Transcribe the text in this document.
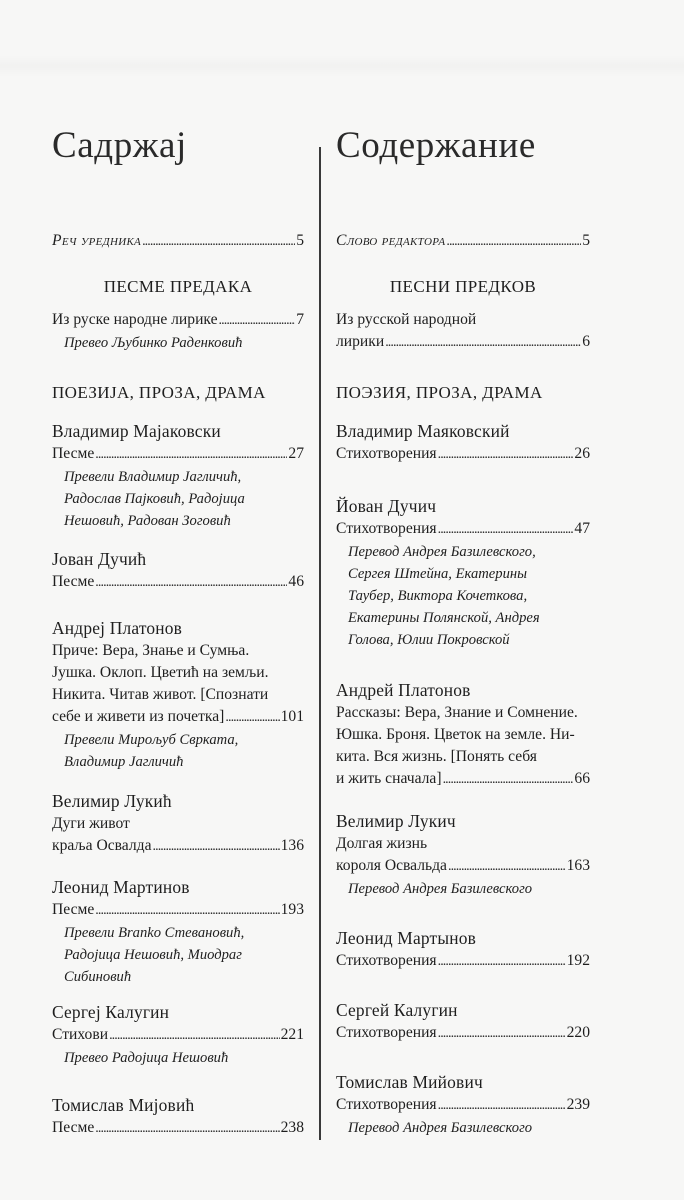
Садржај
Реч уредника . . .	5
ПЕСМЕ ПРЕДАКА
Из руске народне лирике . . .	7
Превео Љубинко Раденковић
ПОЕЗИЈА, ПРОЗА, ДРАМА
Владимир Мајаковски
Песме . . .	27
Превели Владимир Јагличић,
Радослав Пајковић, Радојица
Нешовић, Радован Зоговић
Јован Дучић
Песме . . .	46
Андреј Платонов
Приче: Вера, Знање и Сумња.
Јушка. Оклоп. Цветић на земљи.
Никита. Читав живот. [Спознати
себе и живети из почетка] . . .	101
Превели Мирољуб Сврката,
Владимир Јагличић
Велимир Лукић
Дуги живот
краља Освалда . . .	136
Леонид Мартинов
Песме . . .	193
Превели Branko Стевановић,
Радојица Нешовић, Миодраг
Сибиновић
Сергеј Калугин
Стихови . . .	221
Превео Радојица Нешовић
Томислав Мијовић
Песме . . .	238
Содержание
Слово редактора . . .	5
ПЕСНИ ПРЕДКОВ
Из русской народной
лирики . . .	6
ПОЭЗИЯ, ПРОЗА, ДРАМА
Владимир Маяковский
Стихотворения . . .	26
Йован Дучич
Стихотворения . . .	47
Перевод Андрея Базилевского,
Сергея Штейна, Екатерины
Таубер, Виктора Кочеткова,
Екатерины Полянской, Андрея
Голова, Юлии Покровской
Андрей Платонов
Рассказы: Вера, Знание и Сомнение.
Юшка. Броня. Цветок на земле. Ни-
кита. Вся жизнь. [Понять себя
и жить сначала] . . .	66
Велимир Лукич
Долгая жизнь
короля Освальда . . .	163
Перевод Андрея Базилевского
Леонид Мартынов
Стихотворения . . .	192
Сергей Калугин
Стихотворения . . .	220
Томислав Мийович
Стихотворения . . .	239
Перевод Андрея Базилевского
